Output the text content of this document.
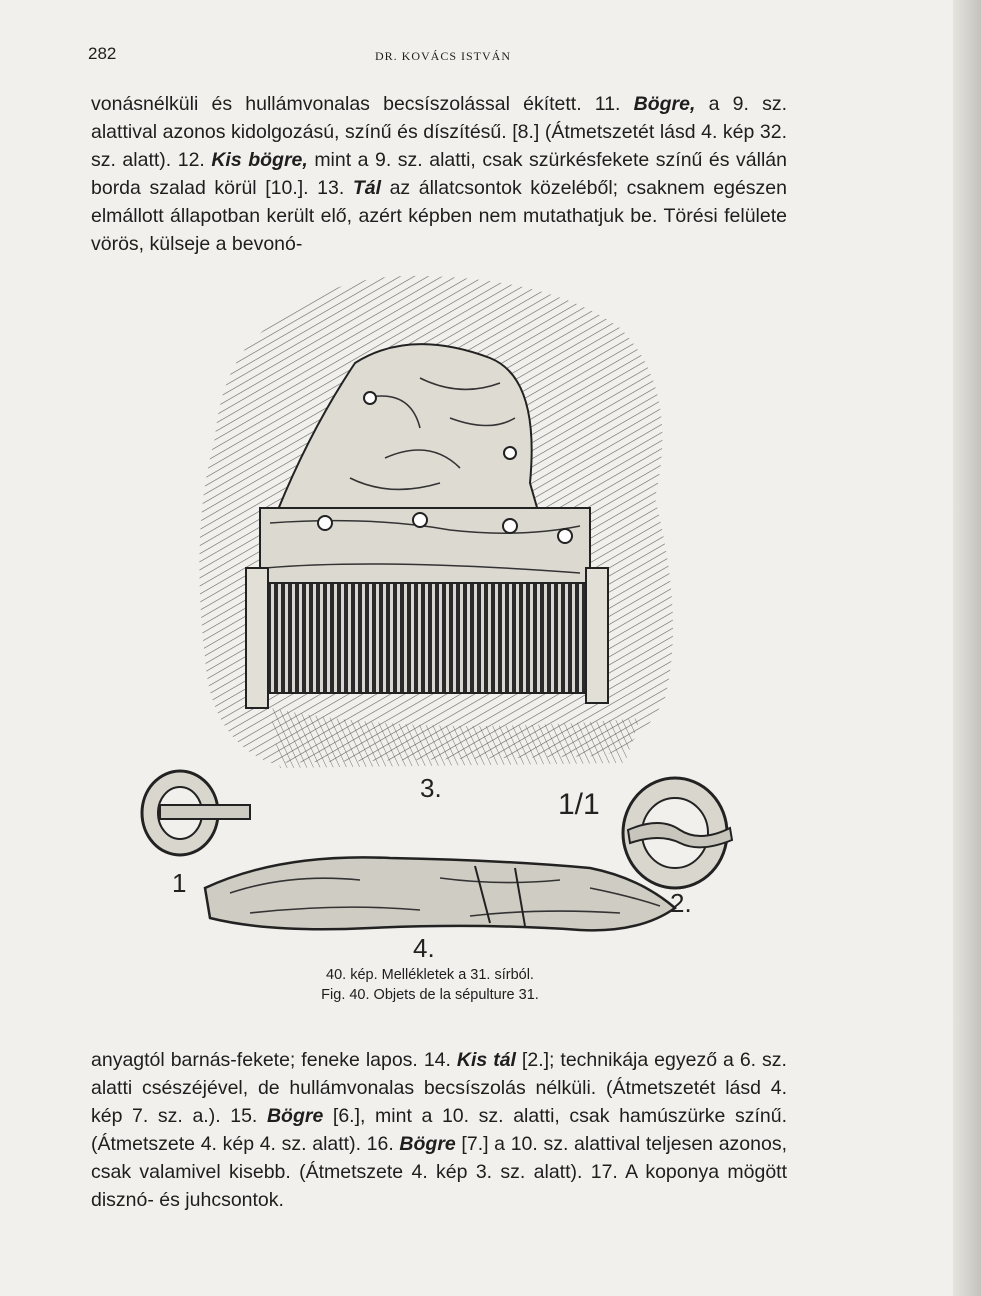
282	DR. KOVÁCS ISTVÁN

vonásnélküli és hullámvonalas becsíszolással ékített. 11. Bögre, a 9. sz. alattival azonos kidolgozású, színű és díszítésű. [8.] (Átmetszetét lásd 4. kép 32. sz. alatt). 12. Kis bögre, mint a 9. sz. alatti, csak szürkésfekete színű és vállán borda szalad körül [10.]. 13. Tál az állatcsontok közeléből; csaknem egészen elmállott állapotban került elő, azért képben nem mutathatjuk be. Törési felülete vörös, külseje a bevonó-

3.	1/1
1
2.
4.
40. kép. Mellékletek a 31. sírból.
Fig. 40. Objets de la sépulture 31.

anyagtól barnás-fekete; feneke lapos. 14. Kis tál [2.]; technikája egyező a 6. sz. alatti csészéjével, de hullámvonalas becsíszolás nélküli. (Átmetszetét lásd 4. kép 7. sz. a.). 15. Bögre [6.], mint a 10. sz. alatti, csak hamúszürke színű. (Átmetszete 4. kép 4. sz. alatt). 16. Bögre [7.] a 10. sz. alattival teljesen azonos, csak valamivel kisebb. (Átmetszete 4. kép 3. sz. alatt). 17. A koponya mögött disznó- és juhcsontok.
